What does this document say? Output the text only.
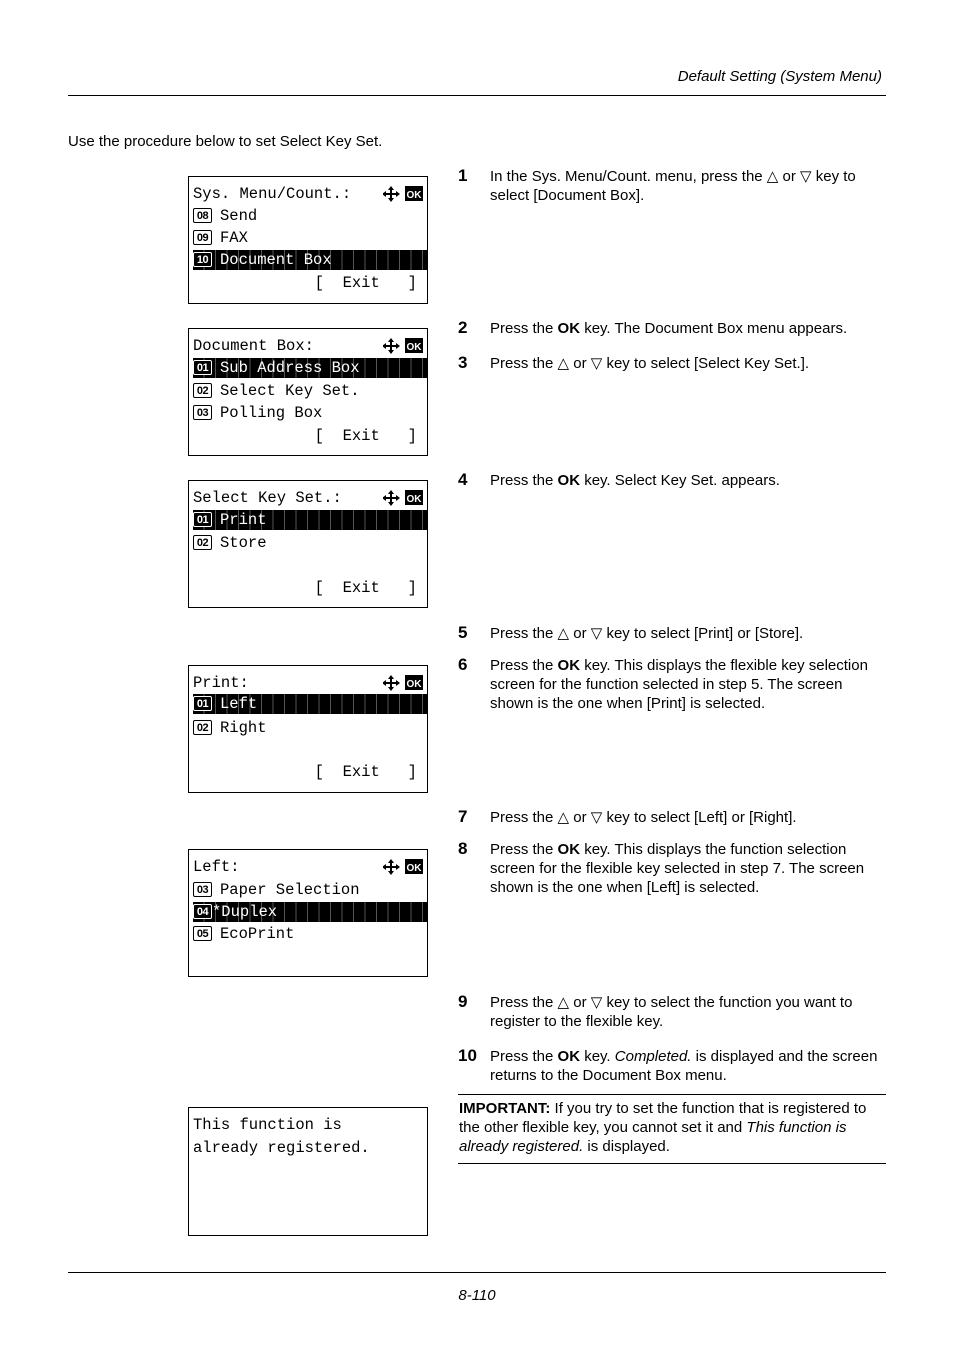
Default Setting (System Menu)
Use the procedure below to set Select Key Set.
Sys. Menu/Count.:	OK
08 Send
09 FAX
10 Document Box
[  Exit   ]
Document Box:	OK
01 Sub Address Box
02 Select Key Set.
03 Polling Box
[  Exit   ]
Select Key Set.:	OK
01 Print
02 Store
[  Exit   ]
Print:	OK
01 Left
02 Right
[  Exit   ]
Left:	OK
03 Paper Selection
04 *Duplex
05 EcoPrint
This function is
already registered.
1 In the Sys. Menu/Count. menu, press the △ or ▽ key to select [Document Box].
2 Press the OK key. The Document Box menu appears.
3 Press the △ or ▽ key to select [Select Key Set.].
4 Press the OK key. Select Key Set. appears.
5 Press the △ or ▽ key to select [Print] or [Store].
6 Press the OK key. This displays the flexible key selection screen for the function selected in step 5. The screen shown is the one when [Print] is selected.
7 Press the △ or ▽ key to select [Left] or [Right].
8 Press the OK key. This displays the function selection screen for the flexible key selected in step 7. The screen shown is the one when [Left] is selected.
9 Press the △ or ▽ key to select the function you want to register to the flexible key.
10 Press the OK key. Completed. is displayed and the screen returns to the Document Box menu.
IMPORTANT: If you try to set the function that is registered to the other flexible key, you cannot set it and This function is already registered. is displayed.
8-110
